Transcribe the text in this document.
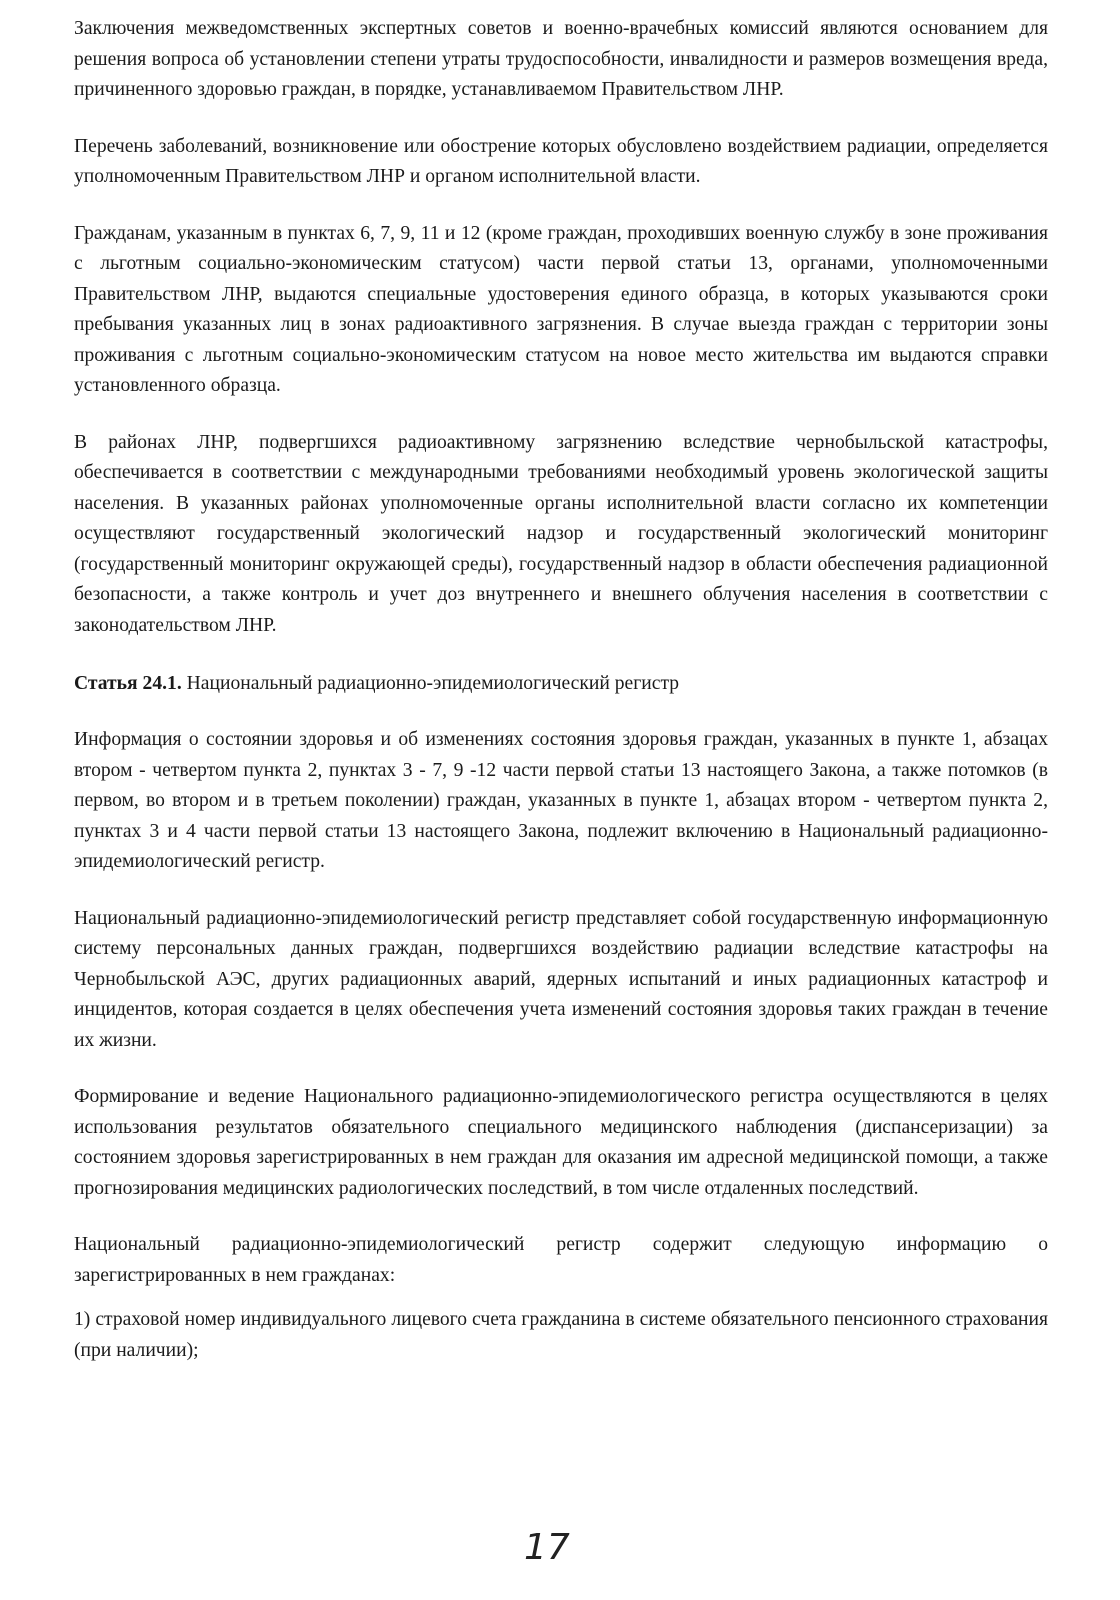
Заключения межведомственных экспертных советов и военно-врачебных комиссий являются основанием для решения вопроса об установлении степени утраты трудоспособности, инвалидности и размеров возмещения вреда, причиненного здоровью граждан, в порядке, устанавливаемом Правительством ЛНР.

Перечень заболеваний, возникновение или обострение которых обусловлено воздействием радиации, определяется уполномоченным Правительством ЛНР и органом исполнительной власти.

Гражданам, указанным в пунктах 6, 7, 9, 11 и 12 (кроме граждан, проходивших военную службу в зоне проживания с льготным социально-экономическим статусом) части первой статьи 13, органами, уполномоченными Правительством ЛНР, выдаются специальные удостоверения единого образца, в которых указываются сроки пребывания указанных лиц в зонах радиоактивного загрязнения. В случае выезда граждан с территории зоны проживания с льготным социально-экономическим статусом на новое место жительства им выдаются справки установленного образца.

В районах ЛНР, подвергшихся радиоактивному загрязнению вследствие чернобыльской катастрофы, обеспечивается в соответствии с международными требованиями необходимый уровень экологической защиты населения. В указанных районах уполномоченные органы исполнительной власти согласно их компетенции осуществляют государственный экологический надзор и государственный экологический мониторинг (государственный мониторинг окружающей среды), государственный надзор в области обеспечения радиационной безопасности, а также контроль и учет доз внутреннего и внешнего облучения населения в соответствии с законодательством ЛНР.

Статья 24.1. Национальный радиационно-эпидемиологический регистр

Информация о состоянии здоровья и об изменениях состояния здоровья граждан, указанных в пункте 1, абзацах втором - четвертом пункта 2, пунктах 3 - 7, 9 -12 части первой статьи 13 настоящего Закона, а также потомков (в первом, во втором и в третьем поколении) граждан, указанных в пункте 1, абзацах втором - четвертом пункта 2, пунктах 3 и 4 части первой статьи 13 настоящего Закона, подлежит включению в Национальный радиационно-эпидемиологический регистр.

Национальный радиационно-эпидемиологический регистр представляет собой государственную информационную систему персональных данных граждан, подвергшихся воздействию радиации вследствие катастрофы на Чернобыльской АЭС, других радиационных аварий, ядерных испытаний и иных радиационных катастроф и инцидентов, которая создается в целях обеспечения учета изменений состояния здоровья таких граждан в течение их жизни.

Формирование и ведение Национального радиационно-эпидемиологического регистра осуществляются в целях использования результатов обязательного специального медицинского наблюдения (диспансеризации) за состоянием здоровья зарегистрированных в нем граждан для оказания им адресной медицинской помощи, а также прогнозирования медицинских радиологических последствий, в том числе отдаленных последствий.

Национальный радиационно-эпидемиологический регистр содержит следующую информацию о зарегистрированных в нем гражданах:

1) страховой номер индивидуального лицевого счета гражданина в системе обязательного пенсионного страхования (при наличии);

17
